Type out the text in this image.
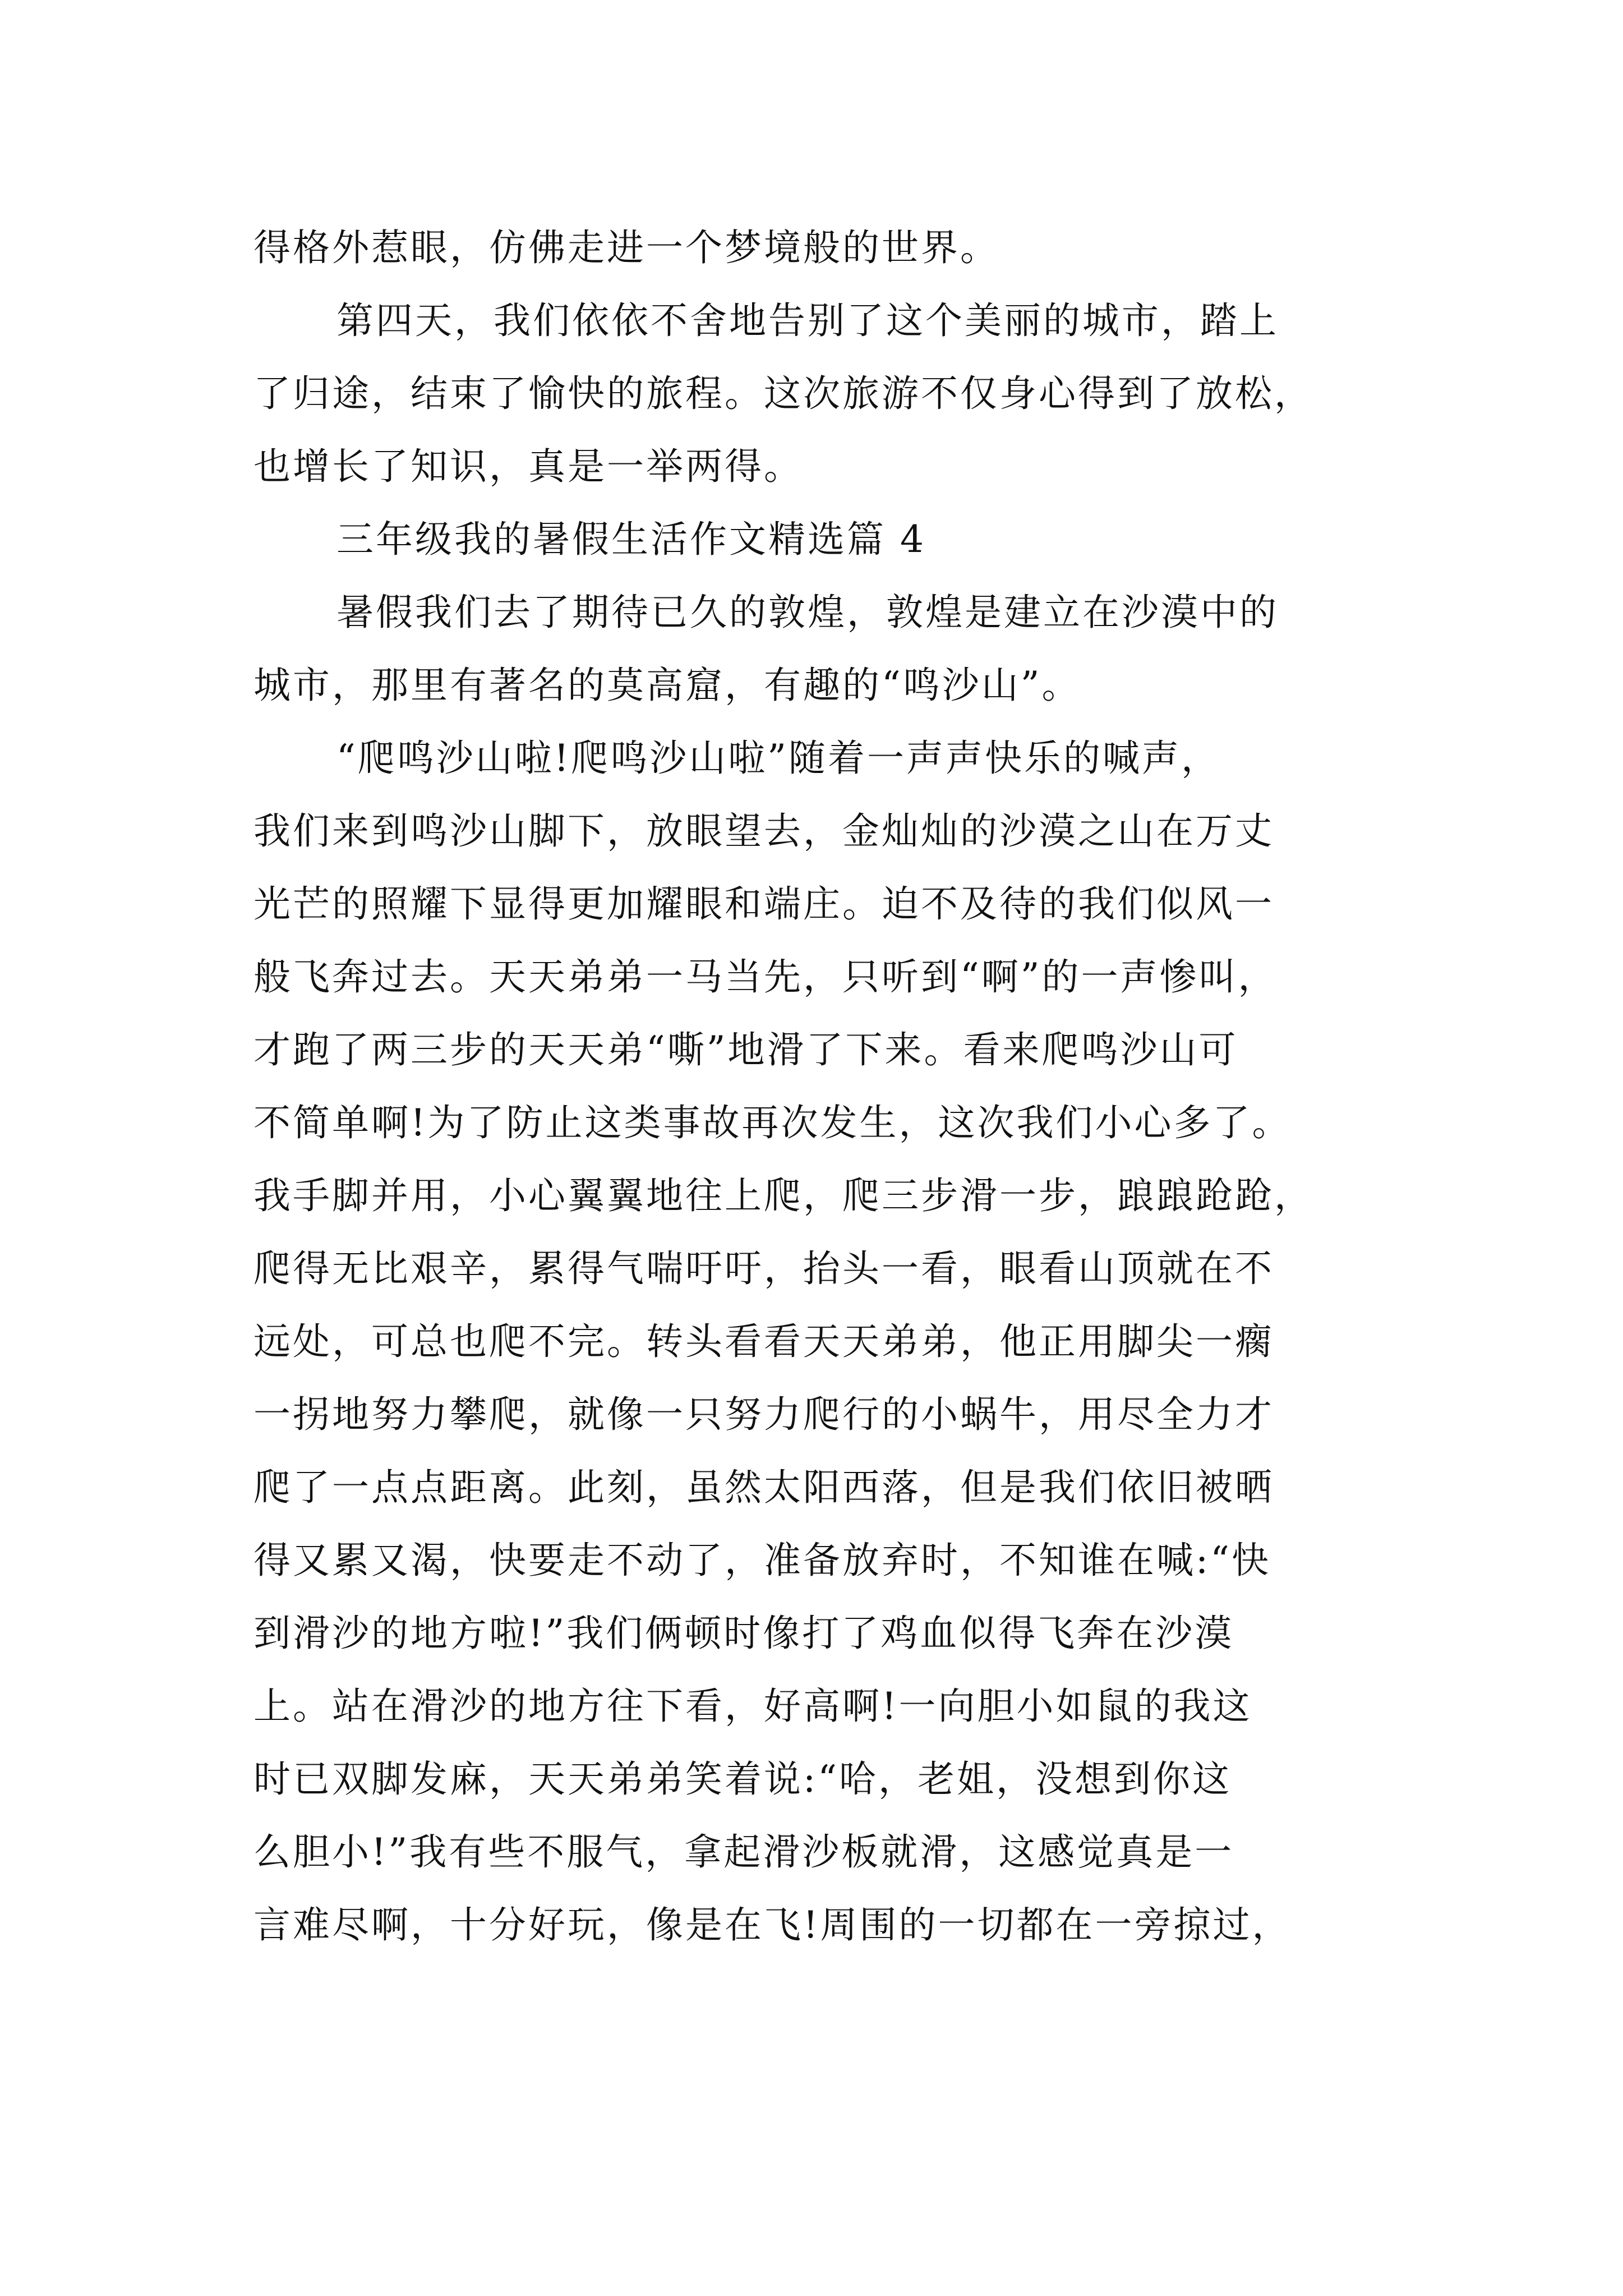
得格外惹眼，仿佛走进一个梦境般的世界。
第四天，我们依依不舍地告别了这个美丽的城市，踏上
了归途，结束了愉快的旅程。这次旅游不仅身心得到了放松，
也增长了知识，真是一举两得。
三年级我的暑假生活作文精选篇 4
暑假我们去了期待已久的敦煌，敦煌是建立在沙漠中的
城市，那里有著名的莫高窟，有趣的“鸣沙山”。
“爬鸣沙山啦!爬鸣沙山啦”随着一声声快乐的喊声，
我们来到鸣沙山脚下，放眼望去，金灿灿的沙漠之山在万丈
光芒的照耀下显得更加耀眼和端庄。迫不及待的我们似风一
般飞奔过去。天天弟弟一马当先，只听到“啊”的一声惨叫，
才跑了两三步的天天弟“嘶”地滑了下来。看来爬鸣沙山可
不简单啊!为了防止这类事故再次发生，这次我们小心多了。
我手脚并用，小心翼翼地往上爬，爬三步滑一步，踉踉跄跄，
爬得无比艰辛，累得气喘吁吁，抬头一看，眼看山顶就在不
远处，可总也爬不完。转头看看天天弟弟，他正用脚尖一瘸
一拐地努力攀爬，就像一只努力爬行的小蜗牛，用尽全力才
爬了一点点距离。此刻，虽然太阳西落，但是我们依旧被晒
得又累又渴，快要走不动了，准备放弃时，不知谁在喊:“快
到滑沙的地方啦!”我们俩顿时像打了鸡血似得飞奔在沙漠
上。站在滑沙的地方往下看，好高啊!一向胆小如鼠的我这
时已双脚发麻，天天弟弟笑着说:“哈，老姐，没想到你这
么胆小!”我有些不服气，拿起滑沙板就滑，这感觉真是一
言难尽啊，十分好玩，像是在飞!周围的一切都在一旁掠过，
